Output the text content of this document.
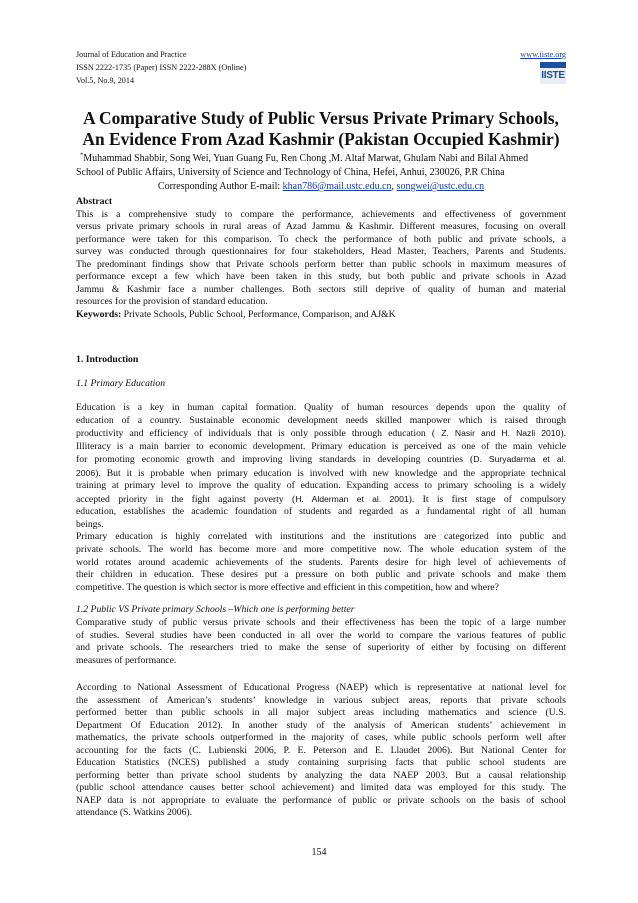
Journal of Education and Practice
ISSN 2222-1735 (Paper) ISSN 2222-288X (Online)
Vol.5, No.9, 2014
www.iiste.org
IISTE
A Comparative Study of Public Versus Private Primary Schools,
An Evidence From Azad Kashmir (Pakistan Occupied Kashmir)
*Muhammad Shabbir, Song Wei, Yuan Guang Fu, Ren Chong ,M. Altaf Marwat, Ghulam Nabi and Bilal Ahmed
School of Public Affairs, University of Science and Technology of China, Hefei, Anhui, 230026, P.R China
Corresponding Author E-mail: khan786@mail.ustc.edu.cn, songwei@ustc.edu.cn
Abstract
This is a comprehensive study to compare the performance, achievements and effectiveness of government
versus private primary schools in rural areas of Azad Jammu & Kashmir. Different measures, focusing on overall
performance were taken for this comparison. To check the performance of both public and private schools, a
survey was conducted through questionnaires for four stakeholders, Head Master, Teachers, Parents and Students.
The predominant findings show that Private schools perform better than public schools in maximum measures of
performance except a few which have been taken in this study, but both public and private schools in Azad
Jammu & Kashmir face a number challenges. Both sectors still deprive of quality of human and material
resources for the provision of standard education.
Keywords: Private Schools, Public School, Performance, Comparison, and AJ&K
1. Introduction
1.1 Primary Education
Education is a key in human capital formation. Quality of human resources depends upon the quality of
education of a country. Sustainable economic development needs skilled manpower which is raised through
productivity and efficiency of individuals that is only possible through education ( Z. Nasir and H. Nazli 2010).
Illiteracy is a main barrier to economic development. Primary education is perceived as one of the main vehicle
for promoting economic growth and improving living standards in developing countries (D. Suryadarma et al.
2006). But it is probable when primary education is involved with new knowledge and the appropriate technical
training at primary level to improve the quality of education. Expanding access to primary schooling is a widely
accepted priority in the fight against poverty (H. Alderman et al. 2001). It is first stage of compulsory
education, establishes the academic foundation of students and regarded as a fundamental right of all human
beings.
Primary education is highly correlated with institutions and the institutions are categorized into public and
private schools. The world has become more and more competitive now. The whole education system of the
world rotates around academic achievements of the students. Parents desire for high level of achievements of
their children in education. These desires put a pressure on both public and private schools and make them
competitive. The question is which sector is more effective and efficient in this competition, how and where?
1.2 Public VS Private primary Schools –Which one is performing better
Comparative study of public versus private schools and their effectiveness has been the topic of a large number
of studies. Several studies have been conducted in all over the world to compare the various features of public
and private schools. The researchers tried to make the sense of superiority of either by focusing on different
measures of performance.
According to National Assessment of Educational Progress (NAEP) which is representative at national level for
the assessment of American’s students’ knowledge in various subject areas, reports that private schools
performed better than public schools in all major subject areas including mathematics and science (U.S.
Department Of Education 2012). In another study of the analysis of American students’ achievement in
mathematics, the private schools outperformed in the majority of cases, while public schools perform well after
accounting for the facts (C. Lubienski 2006, P. E. Peterson and E. Llaudet 2006). But National Center for
Education Statistics (NCES) published a study containing surprising facts that public school students are
performing better than private school students by analyzing the data NAEP 2003. But a causal relationship
(public school attendance causes better school achievement) and limited data was employed for this study. The
NAEP data is not appropriate to evaluate the performance of public or private schools on the basis of school
attendance (S. Watkins 2006).
154
